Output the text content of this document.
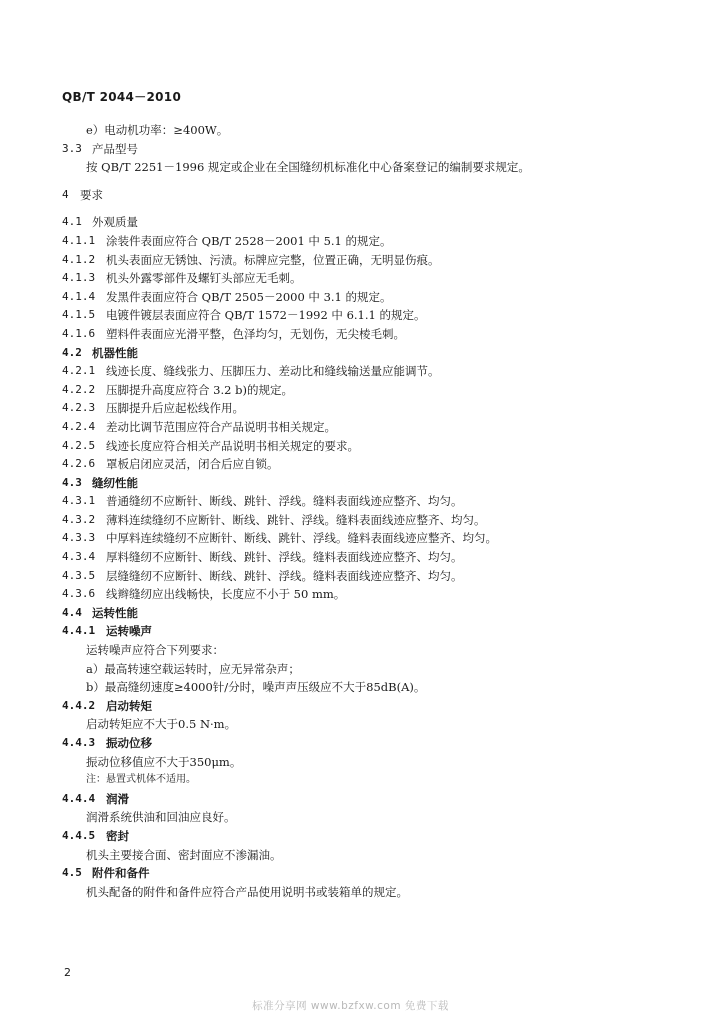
QB/T 2044－2010
e）电动机功率：≥400W。
3.3 产品型号
按 QB/T 2251－1996 规定或企业在全国缝纫机标准化中心备案登记的编制要求规定。
4 要求
4.1 外观质量
4.1.1 涂装件表面应符合 QB/T 2528－2001 中 5.1 的规定。
4.1.2 机头表面应无锈蚀、污渍。标牌应完整，位置正确，无明显伤痕。
4.1.3 机头外露零部件及螺钉头部应无毛刺。
4.1.4 发黑件表面应符合 QB/T 2505－2000 中 3.1 的规定。
4.1.5 电镀件镀层表面应符合 QB/T 1572－1992 中 6.1.1 的规定。
4.1.6 塑料件表面应光滑平整，色泽均匀，无划伤，无尖棱毛刺。
4.2 机器性能
4.2.1 线迹长度、缝线张力、压脚压力、差动比和缝线输送量应能调节。
4.2.2 压脚提升高度应符合 3.2 b)的规定。
4.2.3 压脚提升后应起松线作用。
4.2.4 差动比调节范围应符合产品说明书相关规定。
4.2.5 线迹长度应符合相关产品说明书相关规定的要求。
4.2.6 罩板启闭应灵活，闭合后应自锁。
4.3 缝纫性能
4.3.1 普通缝纫不应断针、断线、跳针、浮线。缝料表面线迹应整齐、均匀。
4.3.2 薄料连续缝纫不应断针、断线、跳针、浮线。缝料表面线迹应整齐、均匀。
4.3.3 中厚料连续缝纫不应断针、断线、跳针、浮线。缝料表面线迹应整齐、均匀。
4.3.4 厚料缝纫不应断针、断线、跳针、浮线。缝料表面线迹应整齐、均匀。
4.3.5 层缝缝纫不应断针、断线、跳针、浮线。缝料表面线迹应整齐、均匀。
4.3.6 线辫缝纫应出线畅快，长度应不小于 50 mm。
4.4 运转性能
4.4.1 运转噪声
运转噪声应符合下列要求：
a）最高转速空载运转时，应无异常杂声；
b）最高缝纫速度≥4000针/分时，噪声声压级应不大于85dB(A)。
4.4.2 启动转矩
启动转矩应不大于0.5 N·m。
4.4.3 振动位移
振动位移值应不大于350μm。
注：悬置式机体不适用。
4.4.4 润滑
润滑系统供油和回油应良好。
4.4.5 密封
机头主要接合面、密封面应不渗漏油。
4.5 附件和备件
机头配备的附件和备件应符合产品使用说明书或装箱单的规定。
2
标准分享网 www.bzfxw.com 免费下载
